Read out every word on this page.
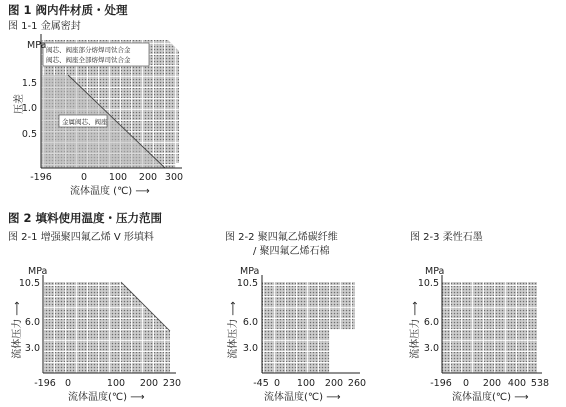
图 1 阀内件材质・处理
图 1-1 金属密封
阀芯、阀座部分熔焊司钛合金
阀芯、阀座全部熔焊司钛合金
金属阀芯、阀座
MPa
1.5
1.0
0.5
压差
-196	0 100 200 300
流体温度 (℃) ⟶
图 2 填料使用温度・压力范围
图 2-1 增强聚四氟乙烯 V 形填料	图 2-2 聚四氟乙烯碳纤维
/ 聚四氟乙烯石棉
图 2-3 柔性石墨
MPa
10.5
6.0
3.0
流体压力 ⟶
-196 0	100 200 230
流体温度(℃) ⟶
MPa
10.5
6.0
3.0
流体压力 ⟶
-45 0 100 200 260
流体温度(℃) ⟶
MPa
10.5
6.0
3.0
流体压力 ⟶
-196 0 200 400 538
流体温度(℃) ⟶
